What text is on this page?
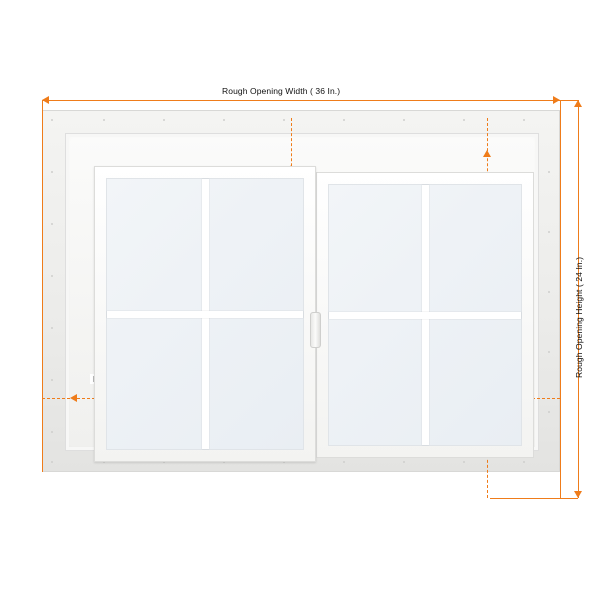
Rough Opening Width ( 36 In.)
Rough Opening Height ( 24 In.)
